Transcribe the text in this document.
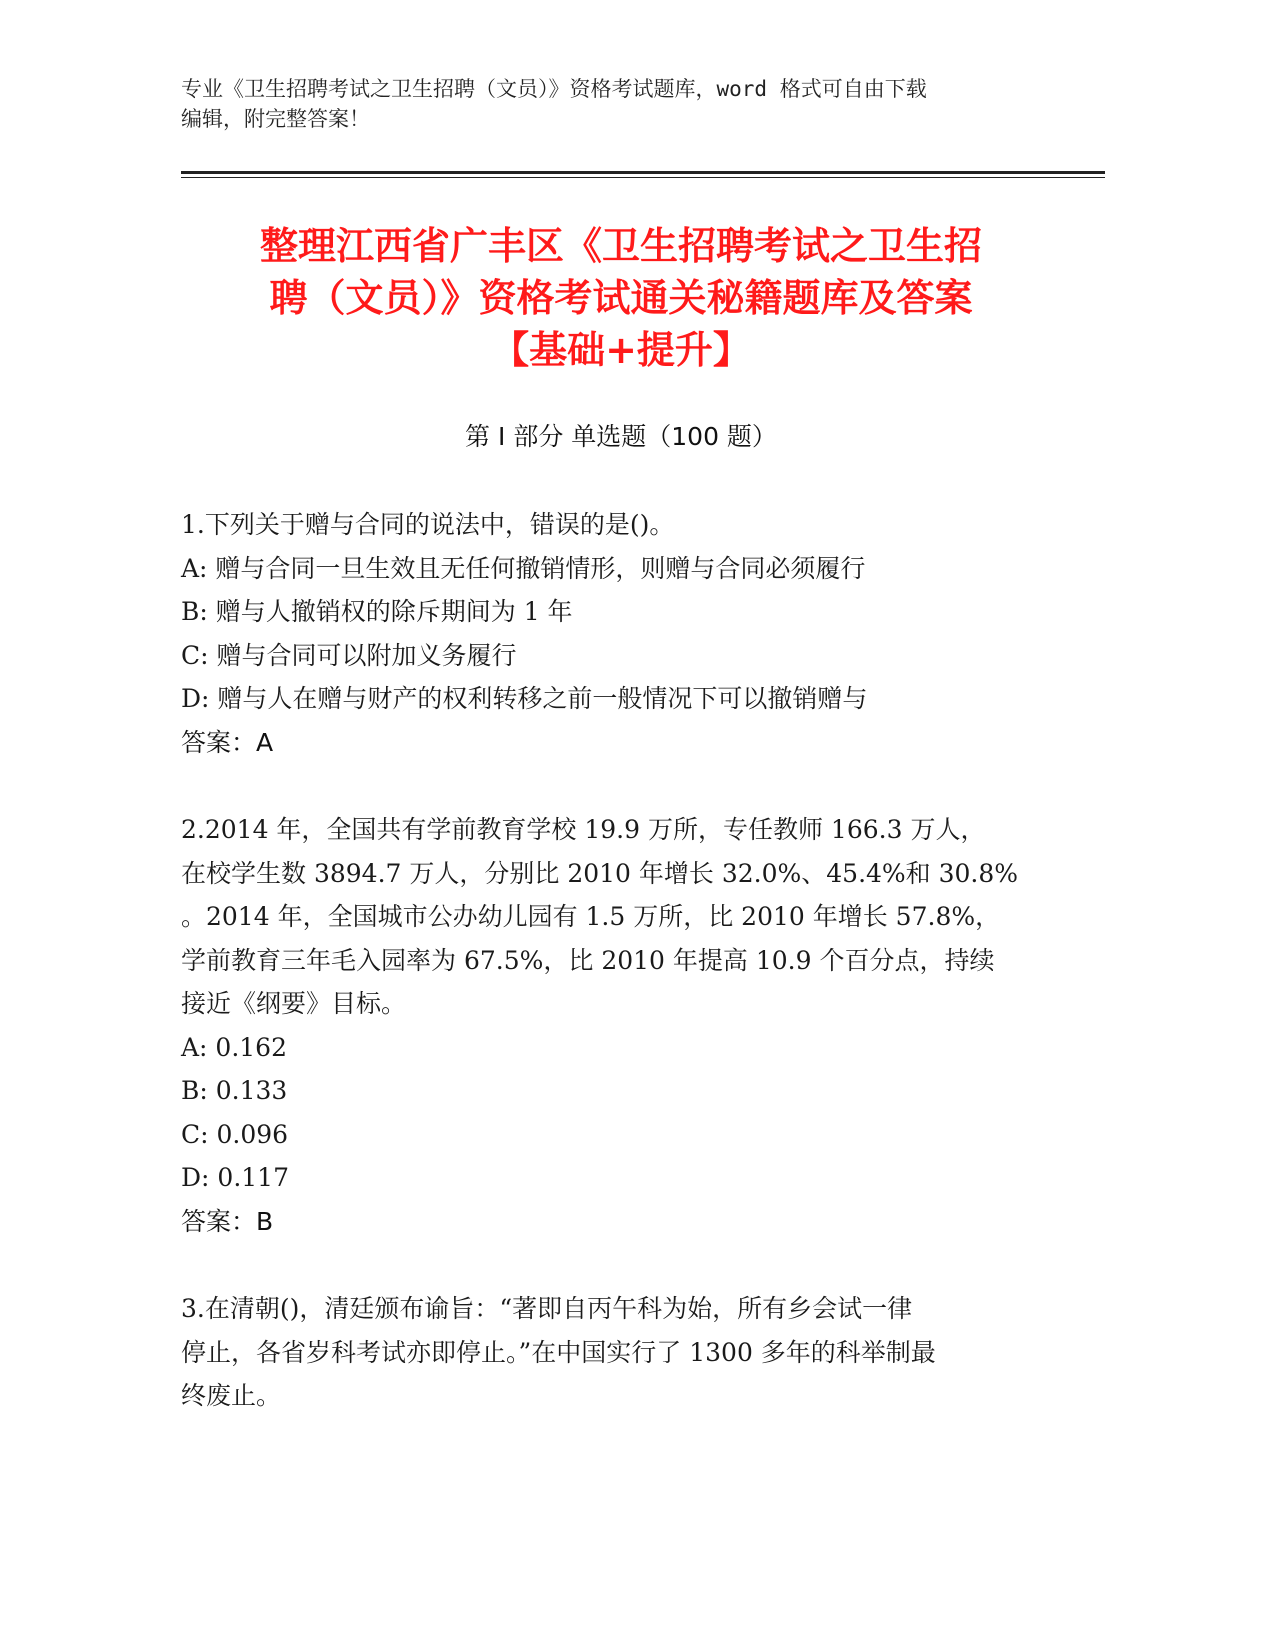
专业《卫生招聘考试之卫生招聘（文员）》资格考试题库，word 格式可自由下载
编辑，附完整答案！
整理江西省广丰区《卫生招聘考试之卫生招
聘（文员）》资格考试通关秘籍题库及答案
【基础+提升】
第 I 部分 单选题（100 题）
1.下列关于赠与合同的说法中，错误的是()。
A: 赠与合同一旦生效且无任何撤销情形，则赠与合同必须履行
B: 赠与人撤销权的除斥期间为 1 年
C: 赠与合同可以附加义务履行
D: 赠与人在赠与财产的权利转移之前一般情况下可以撤销赠与
答案：A
2.2014 年，全国共有学前教育学校 19.9 万所，专任教师 166.3 万人，
在校学生数 3894.7 万人，分别比 2010 年增长 32.0%、45.4%和 30.8%
。2014 年，全国城市公办幼儿园有 1.5 万所，比 2010 年增长 57.8%，
学前教育三年毛入园率为 67.5%，比 2010 年提高 10.9 个百分点，持续
接近《纲要》目标。
A: 0.162
B: 0.133
C: 0.096
D: 0.117
答案：B
3.在清朝()，清廷颁布谕旨：“著即自丙午科为始，所有乡会试一律
停止，各省岁科考试亦即停止。”在中国实行了 1300 多年的科举制最
终废止。
